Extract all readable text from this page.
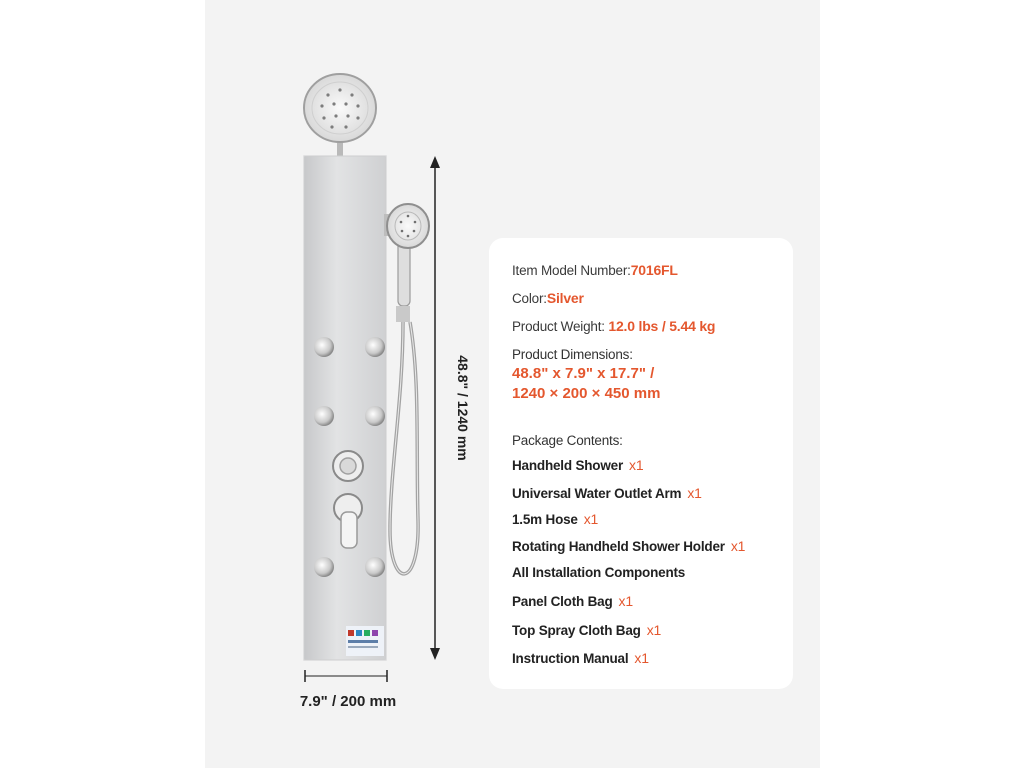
48.8" / 1240 mm
7.9" / 200 mm
Item Model Number:7016FL
Color:Silver
Product Weight: 12.0 lbs / 5.44 kg
Product Dimensions:
48.8" x 7.9" x 17.7" /
1240 × 200 × 450 mm
Package Contents:
Handheld Shower x1
Universal Water Outlet Arm x1
1.5m Hose x1
Rotating Handheld Shower Holder x1
All Installation Components
Panel Cloth Bag x1
Top Spray Cloth Bag x1
Instruction Manual x1
